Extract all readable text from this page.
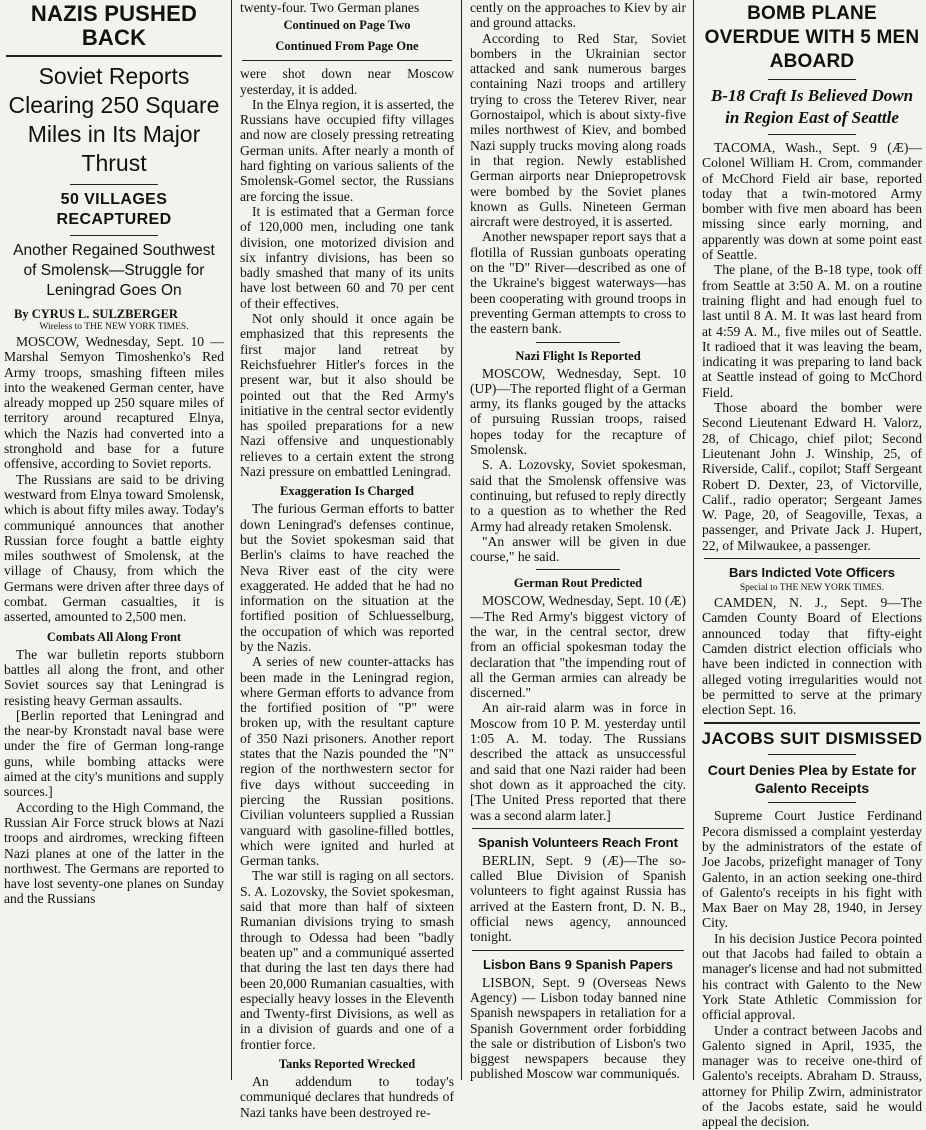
NAZIS PUSHED BACK
Soviet Reports Clearing 250 Square Miles in Its Major Thrust
50 VILLAGES RECAPTURED
Another Regained Southwest of Smolensk—Struggle for Leningrad Goes On
By CYRUS L. SULZBERGER
Wireless to THE NEW YORK TIMES.

MOSCOW, Wednesday, Sept. 10 —Marshal Semyon Timoshenko's Red Army troops, smashing fifteen miles into the weakened German center, have already mopped up 250 square miles of territory around recaptured Elnya, which the Nazis had converted into a stronghold and base for a future offensive, according to Soviet reports.

The Russians are said to be driving westward from Elnya toward Smolensk, which is about fifty miles away. Today's communiqué announces that another Russian force fought a battle eighty miles southwest of Smolensk, at the village of Chausy, from which the Germans were driven after three days of combat. German casualties, it is asserted, amounted to 2,500 men.

Combats All Along Front

The war bulletin reports stubborn battles all along the front, and other Soviet sources say that Leningrad is resisting heavy German assaults.

[Berlin reported that Leningrad and the near-by Kronstadt naval base were under the fire of German long-range guns, while bombing attacks were aimed at the city's munitions and supply sources.]

According to the High Command, the Russian Air Force struck blows at Nazi troops and airdromes, wrecking fifteen Nazi planes at one of the latter in the northwest. The Germans are reported to have lost seventy-one planes on Sunday and the Russians

twenty-four. Two German planes

Continued on Page Two
Continued From Page One

were shot down near Moscow yesterday, it is added.

In the Elnya region, it is asserted, the Russians have occupied fifty villages and now are closely pressing retreating German units. After nearly a month of hard fighting on various salients of the Smolensk-Gomel sector, the Russians are forcing the issue.

It is estimated that a German force of 120,000 men, including one tank division, one motorized division and six infantry divisions, has been so badly smashed that many of its units have lost between 60 and 70 per cent of their effectives.

Not only should it once again be emphasized that this represents the first major land retreat by Reichsfuehrer Hitler's forces in the present war, but it also should be pointed out that the Red Army's initiative in the central sector evidently has spoiled preparations for a new Nazi offensive and unquestionably relieves to a certain extent the strong Nazi pressure on embattled Leningrad.

Exaggeration Is Charged

The furious German efforts to batter down Leningrad's defenses continue, but the Soviet spokesman said that Berlin's claims to have reached the Neva River east of the city were exaggerated. He added that he had no information on the situation at the fortified position of Schluesselburg, the occupation of which was reported by the Nazis.

A series of new counter-attacks has been made in the Leningrad region, where German efforts to advance from the fortified position of "P" were broken up, with the resultant capture of 350 Nazi prisoners. Another report states that the Nazis pounded the "N" region of the northwestern sector for five days without succeeding in piercing the Russian positions. Civilian volunteers supplied a Russian vanguard with gasoline-filled bottles, which were ignited and hurled at German tanks.

The war still is raging on all sectors. S. A. Lozovsky, the Soviet spokesman, said that more than half of sixteen Rumanian divisions trying to smash through to Odessa had been "badly beaten up" and a communiqué asserted that during the last ten days there had been 20,000 Rumanian casualties, with especially heavy losses in the Eleventh and Twenty-first Divisions, as well as in a division of guards and one of a frontier force.

Tanks Reported Wrecked

An addendum to today's communiqué declares that hundreds of Nazi tanks have been destroyed re-

cently on the approaches to Kiev by air and ground attacks.

According to Red Star, Soviet bombers in the Ukrainian sector attacked and sank numerous barges containing Nazi troops and artillery trying to cross the Teterev River, near Gornostaipol, which is about sixty-five miles northwest of Kiev, and bombed Nazi supply trucks moving along roads in that region. Newly established German airports near Dniepropetrovsk were bombed by the Soviet planes known as Gulls. Nineteen German aircraft were destroyed, it is asserted.

Another newspaper report says that a flotilla of Russian gunboats operating on the "D" River—described as one of the Ukraine's biggest waterways—has been cooperating with ground troops in preventing German attempts to cross to the eastern bank.

Nazi Flight Is Reported

MOSCOW, Wednesday, Sept. 10 (UP)—The reported flight of a German army, its flanks gouged by the attacks of pursuing Russian troops, raised hopes today for the recapture of Smolensk.

S. A. Lozovsky, Soviet spokesman, said that the Smolensk offensive was continuing, but refused to reply directly to a question as to whether the Red Army had already retaken Smolensk.

"An answer will be given in due course," he said.

German Rout Predicted

MOSCOW, Wednesday, Sept. 10 (Æ)—The Red Army's biggest victory of the war, in the central sector, drew from an official spokesman today the declaration that "the impending rout of all the German armies can already be discerned."

An air-raid alarm was in force in Moscow from 10 P. M. yesterday until 1:05 A. M. today. The Russians described the attack as unsuccessful and said that one Nazi raider had been shot down as it approached the city. [The United Press reported that there was a second alarm later.]

Spanish Volunteers Reach Front

BERLIN, Sept. 9 (Æ)—The so-called Blue Division of Spanish volunteers to fight against Russia has arrived at the Eastern front, D. N. B., official news agency, announced tonight.

Lisbon Bans 9 Spanish Papers

LISBON, Sept. 9 (Overseas News Agency) — Lisbon today banned nine Spanish newspapers in retaliation for a Spanish Government order forbidding the sale or distribution of Lisbon's two biggest newspapers because they published Moscow war communiqués.

BOMB PLANE OVERDUE WITH 5 MEN ABOARD
B-18 Craft Is Believed Down in Region East of Seattle

TACOMA, Wash., Sept. 9 (Æ)—Colonel William H. Crom, commander of McChord Field air base, reported today that a twin-motored Army bomber with five men aboard has been missing since early morning, and apparently was down at some point east of Seattle.

The plane, of the B-18 type, took off from Seattle at 3:50 A. M. on a routine training flight and had enough fuel to last until 8 A. M. It was last heard from at 4:59 A. M., five miles out of Seattle. It radioed that it was leaving the beam, indicating it was preparing to land back at Seattle instead of going to McChord Field.

Those aboard the bomber were Second Lieutenant Edward H. Valorz, 28, of Chicago, chief pilot; Second Lieutenant John J. Winship, 25, of Riverside, Calif., copilot; Staff Sergeant Robert D. Dexter, 23, of Victorville, Calif., radio operator; Sergeant James W. Page, 20, of Seagoville, Texas, a passenger, and Private Jack J. Hupert, 22, of Milwaukee, a passenger.

Bars Indicted Vote Officers
Special to THE NEW YORK TIMES.

CAMDEN, N. J., Sept. 9—The Camden County Board of Elections announced today that fifty-eight Camden district election officials who have been indicted in connection with alleged voting irregularities would not be permitted to serve at the primary election Sept. 16.

JACOBS SUIT DISMISSED
Court Denies Plea by Estate for Galento Receipts

Supreme Court Justice Ferdinand Pecora dismissed a complaint yesterday by the administrators of the estate of Joe Jacobs, prizefight manager of Tony Galento, in an action seeking one-third of Galento's receipts in his fight with Max Baer on May 28, 1940, in Jersey City.

In his decision Justice Pecora pointed out that Jacobs had failed to obtain a manager's license and had not submitted his contract with Galento to the New York State Athletic Commission for official approval.

Under a contract between Jacobs and Galento signed in April, 1935, the manager was to receive one-third of Galento's receipts. Abraham D. Strauss, attorney for Philip Zwirn, administrator of the Jacobs estate, said he would appeal the decision.
